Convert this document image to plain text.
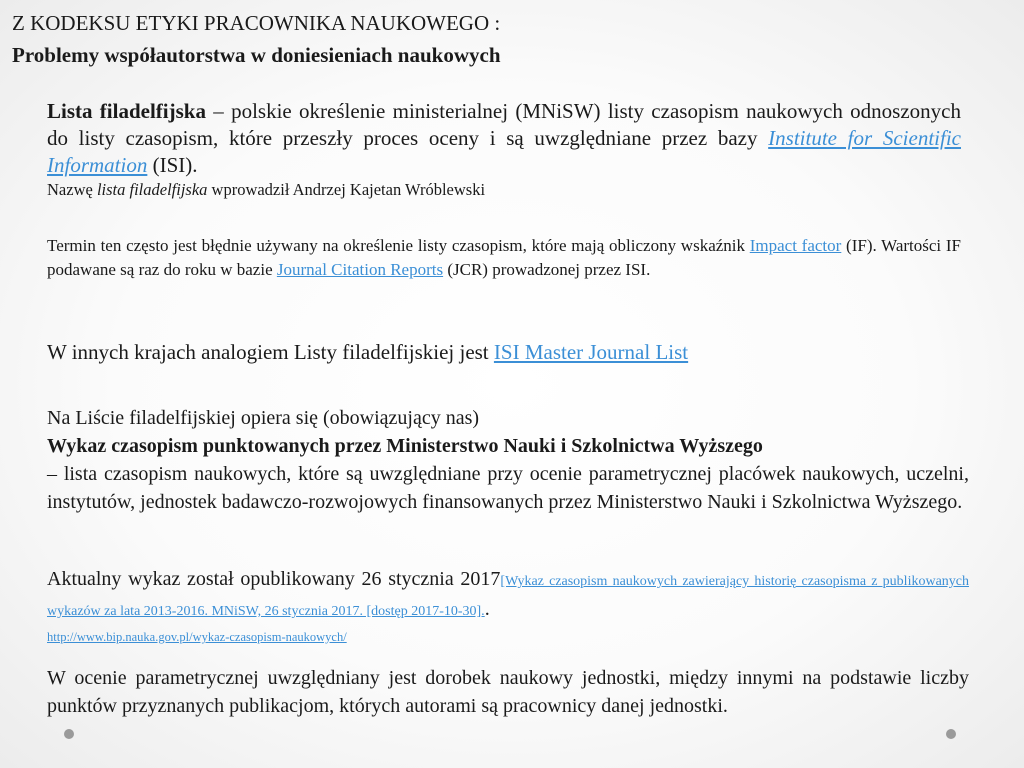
Z KODEKSU ETYKI PRACOWNIKA NAUKOWEGO :
Problemy współautorstwa w doniesieniach naukowych
Lista filadelfijska – polskie określenie ministerialnej (MNiSW) listy czasopism naukowych odnoszonych do listy czasopism, które przeszły proces oceny i są uwzględniane przez bazy Institute for Scientific Information (ISI).
Nazwę lista filadelfijska wprowadził Andrzej Kajetan Wróblewski
Termin ten często jest błędnie używany na określenie listy czasopism, które mają obliczony wskaźnik Impact factor (IF). Wartości IF podawane są raz do roku w bazie Journal Citation Reports (JCR) prowadzonej przez ISI.
W innych krajach analogiem Listy filadelfijskiej jest ISI Master Journal List
Na Liście filadelfijskiej opiera się (obowiązujący nas)
Wykaz czasopism punktowanych przez Ministerstwo Nauki i Szkolnictwa Wyższego
– lista czasopism naukowych, które są uwzględniane przy ocenie parametrycznej placówek naukowych, uczelni, instytutów, jednostek badawczo-rozwojowych finansowanych przez Ministerstwo Nauki i Szkolnictwa Wyższego.
Aktualny wykaz został opublikowany 26 stycznia 2017[Wykaz czasopism naukowych zawierający historię czasopisma z publikowanych wykazów za lata 2013-2016. MNiSW, 26 stycznia 2017. [dostęp 2017-10-30]..
http://www.bip.nauka.gov.pl/wykaz-czasopism-naukowych/
W ocenie parametrycznej uwzględniany jest dorobek naukowy jednostki, między innymi na podstawie liczby punktów przyznanych publikacjom, których autorami są pracownicy danej jednostki.
